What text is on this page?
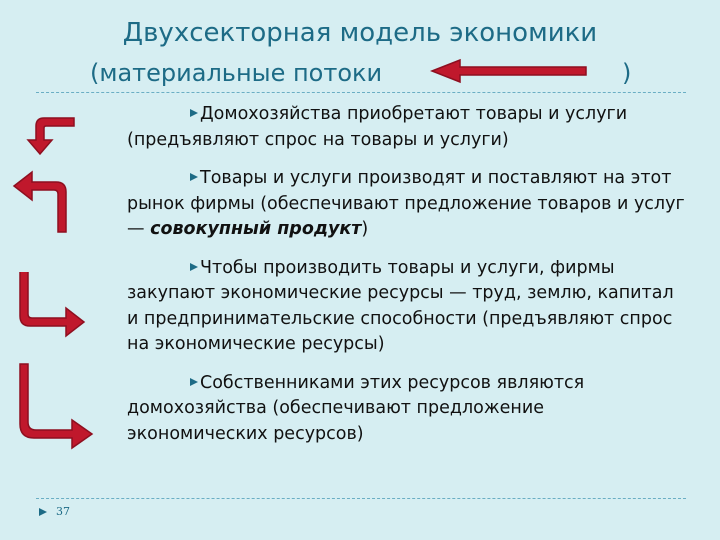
Двухсекторная модель экономики
(материальные потоки	)

Домохозяйства приобретают товары и услуги (предъявляют спрос на товары и услуги)

Товары и услуги производят и поставляют на этот рынок фирмы (обеспечивают предложение товаров и услуг — совокупный продукт)

Чтобы производить товары и услуги, фирмы закупают экономические ресурсы — труд, землю, капитал и предпринимательские способности (предъявляют спрос на экономические ресурсы)

Собственниками этих ресурсов являются домохозяйства (обеспечивают предложение экономических ресурсов)

37
